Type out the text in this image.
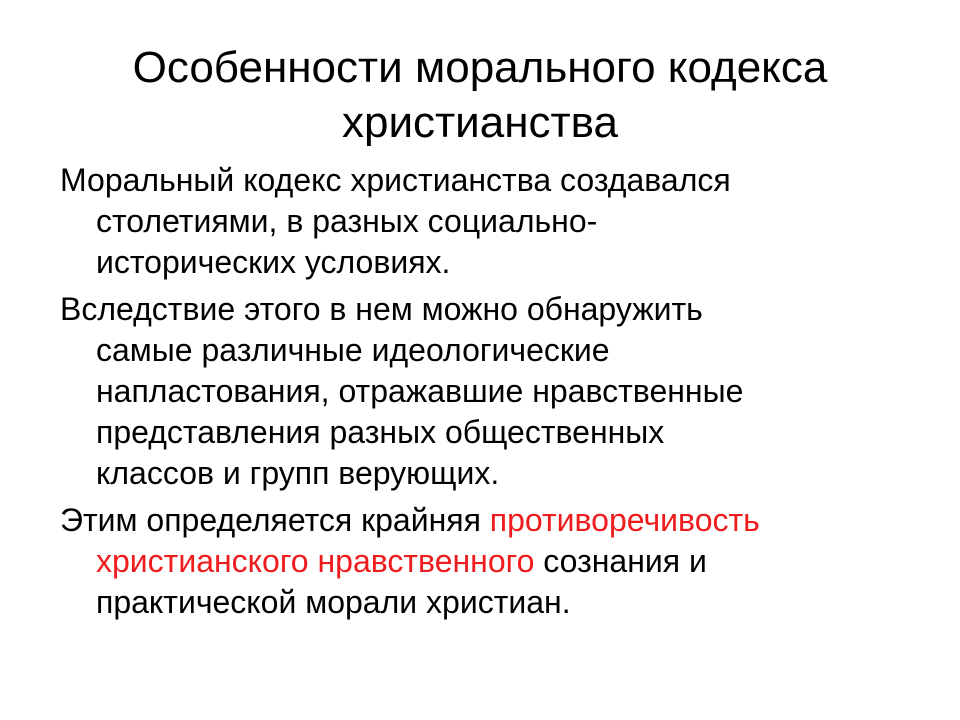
Особенности морального кодекса
христианства

Моральный кодекс христианства создавался
столетиями, в разных социально-
исторических условиях.

Вследствие этого в нем можно обнаружить
самые различные идеологические
напластования, отражавшие нравственные
представления разных общественных
классов и групп верующих.

Этим определяется крайняя противоречивость
христианского нравственного сознания и
практической морали христиан.
